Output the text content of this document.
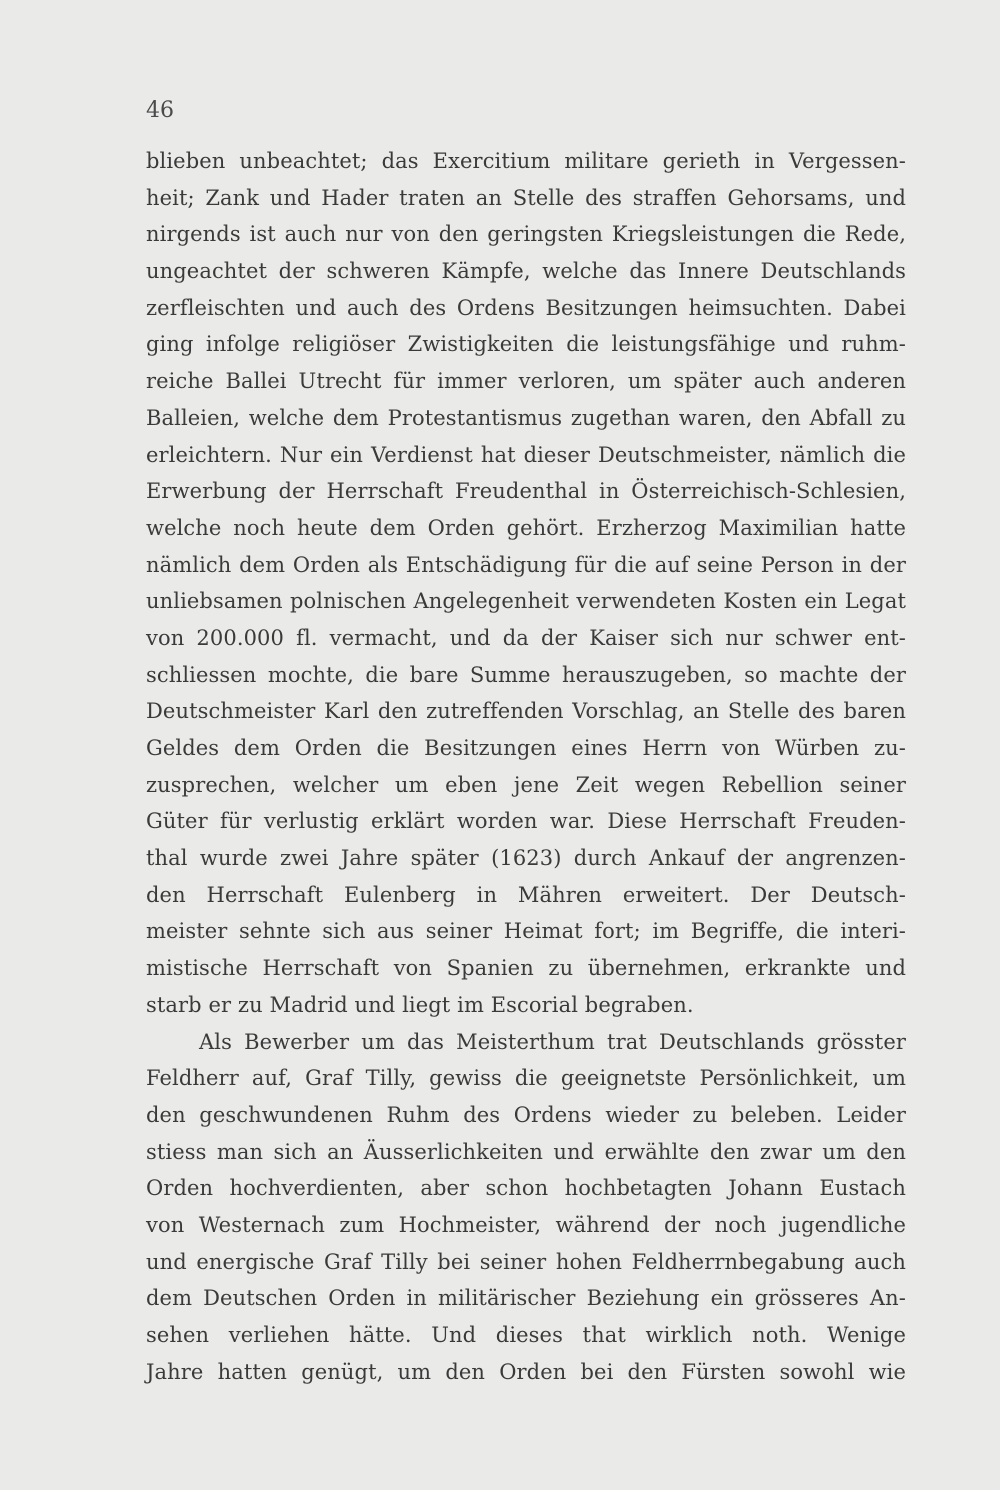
46
blieben unbeachtet; das Exercitium militare gerieth in Vergessen-
heit; Zank und Hader traten an Stelle des straffen Gehorsams, und
nirgends ist auch nur von den geringsten Kriegsleistungen die Rede,
ungeachtet der schweren Kämpfe, welche das Innere Deutschlands
zerfleischten und auch des Ordens Besitzungen heimsuchten. Dabei
ging infolge religiöser Zwistigkeiten die leistungsfähige und ruhm-
reiche Ballei Utrecht für immer verloren, um später auch anderen
Balleien, welche dem Protestantismus zugethan waren, den Abfall zu
erleichtern. Nur ein Verdienst hat dieser Deutschmeister, nämlich die
Erwerbung der Herrschaft Freudenthal in Österreichisch-Schlesien,
welche noch heute dem Orden gehört. Erzherzog Maximilian hatte
nämlich dem Orden als Entschädigung für die auf seine Person in der
unliebsamen polnischen Angelegenheit verwendeten Kosten ein Legat
von 200.000 fl. vermacht, und da der Kaiser sich nur schwer ent-
schliessen mochte, die bare Summe herauszugeben, so machte der
Deutschmeister Karl den zutreffenden Vorschlag, an Stelle des baren
Geldes dem Orden die Besitzungen eines Herrn von Würben zu-
zusprechen, welcher um eben jene Zeit wegen Rebellion seiner
Güter für verlustig erklärt worden war. Diese Herrschaft Freuden-
thal wurde zwei Jahre später (1623) durch Ankauf der angrenzen-
den Herrschaft Eulenberg in Mähren erweitert. Der Deutsch-
meister sehnte sich aus seiner Heimat fort; im Begriffe, die interi-
mistische Herrschaft von Spanien zu übernehmen, erkrankte und
starb er zu Madrid und liegt im Escorial begraben.
Als Bewerber um das Meisterthum trat Deutschlands grösster
Feldherr auf, Graf Tilly, gewiss die geeignetste Persönlichkeit, um
den geschwundenen Ruhm des Ordens wieder zu beleben. Leider
stiess man sich an Äusserlichkeiten und erwählte den zwar um den
Orden hochverdienten, aber schon hochbetagten Johann Eustach
von Westernach zum Hochmeister, während der noch jugendliche
und energische Graf Tilly bei seiner hohen Feldherrnbegabung auch
dem Deutschen Orden in militärischer Beziehung ein grösseres An-
sehen verliehen hätte. Und dieses that wirklich noth. Wenige
Jahre hatten genügt, um den Orden bei den Fürsten sowohl wie
